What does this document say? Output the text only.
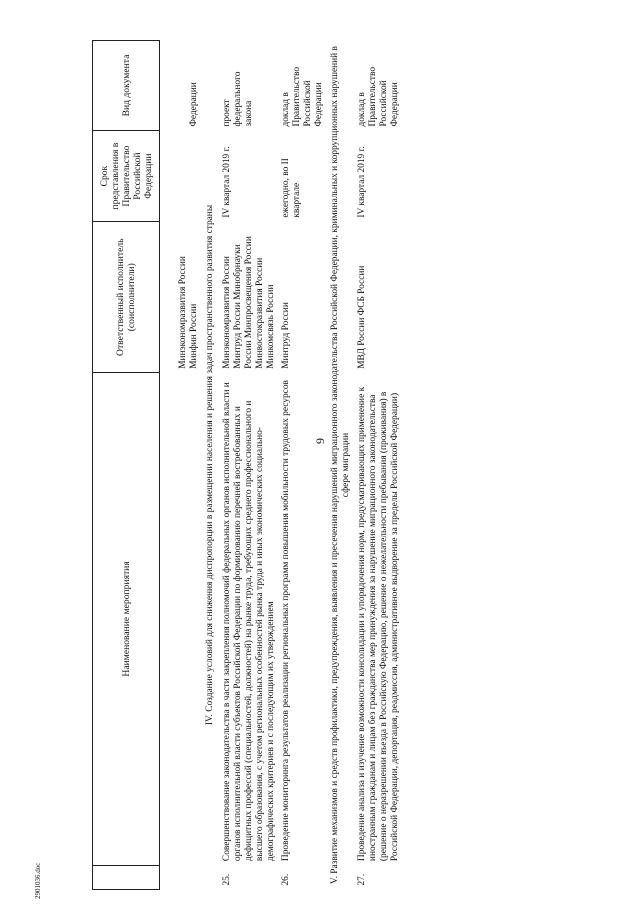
9
	Наименование мероприятия	Ответственный исполнитель (соисполнители)	Срок представления в Правительство Российской Федерации	Вид документа
		Минэкономразвития России Минфин России		Федерации
IV. Создание условий для снижения диспропорции в размещении населения и решения задач пространственного развития страны				
25.	Совершенствование законодательства в части закрепления полномочий федеральных органов исполнительной власти и органов исполнительной власти субъектов Российской Федерации по формированию перечней востребованных и дефицитных профессий (специальностей, должностей) на рынке труда, требующих среднего профессионального и высшего образования, с учетом региональных особенностей рынка труда и иных экономических социально-демографических критериев и с последующим их утверждением	Минэкономразвития России Минтруд России Минобрнауки России Минпросвещения России Минвостокразвития России Минкомсвязь России	IV квартал 2019 г.	проект федерального закона
26.	Проведение мониторинга результатов реализации региональных программ повышения мобильности трудовых ресурсов	Минтруд России	ежегодно, во II квартале	доклад в Правительство Российской Федерации
V. Развитие механизмов и средств профилактики, предупреждения, выявления и пресечения нарушений миграционного законодательства Российской Федерации, криминальных и коррупционных нарушений в сфере миграции				
27.	Проведение анализа и изучение возможности консолидации и упорядочения норм, предусматривающих применение к иностранным гражданам и лицам без гражданства мер принуждения за нарушение миграционного законодательства (решение о неразрешении въезда в Российскую Федерацию, решение о нежелательности пребывания (проживания) в Российской Федерации, депортация, реадмиссия, административное выдворение за пределы Российской Федерации)	МВД России ФСБ России	IV квартал 2019 г.	доклад в Правительство Российской Федерации
2901036.doc
